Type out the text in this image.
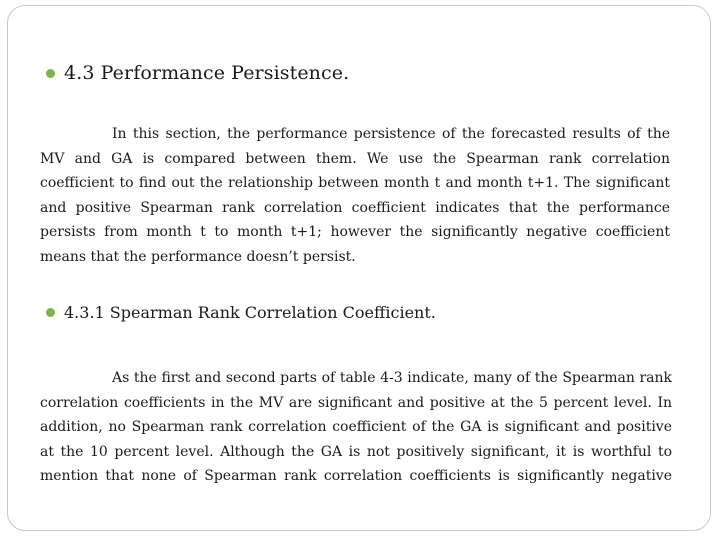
4.3 Performance Persistence.
In this section, the performance persistence of the forecasted results of the
MV and GA is compared between them. We use the Spearman rank correlation
coefficient to find out the relationship between month t and month t+1. The significant
and positive Spearman rank correlation coefficient indicates that the performance
persists from month t to month t+1; however the significantly negative coefficient
means that the performance doesn’t persist.
4.3.1 Spearman Rank Correlation Coefficient.
As the first and second parts of table 4-3 indicate, many of the Spearman rank
correlation coefficients in the MV are significant and positive at the 5 percent level. In
addition, no Spearman rank correlation coefficient of the GA is significant and positive
at the 10 percent level. Although the GA is not positively significant, it is worthful to
mention that none of Spearman rank correlation coefficients is significantly negative
